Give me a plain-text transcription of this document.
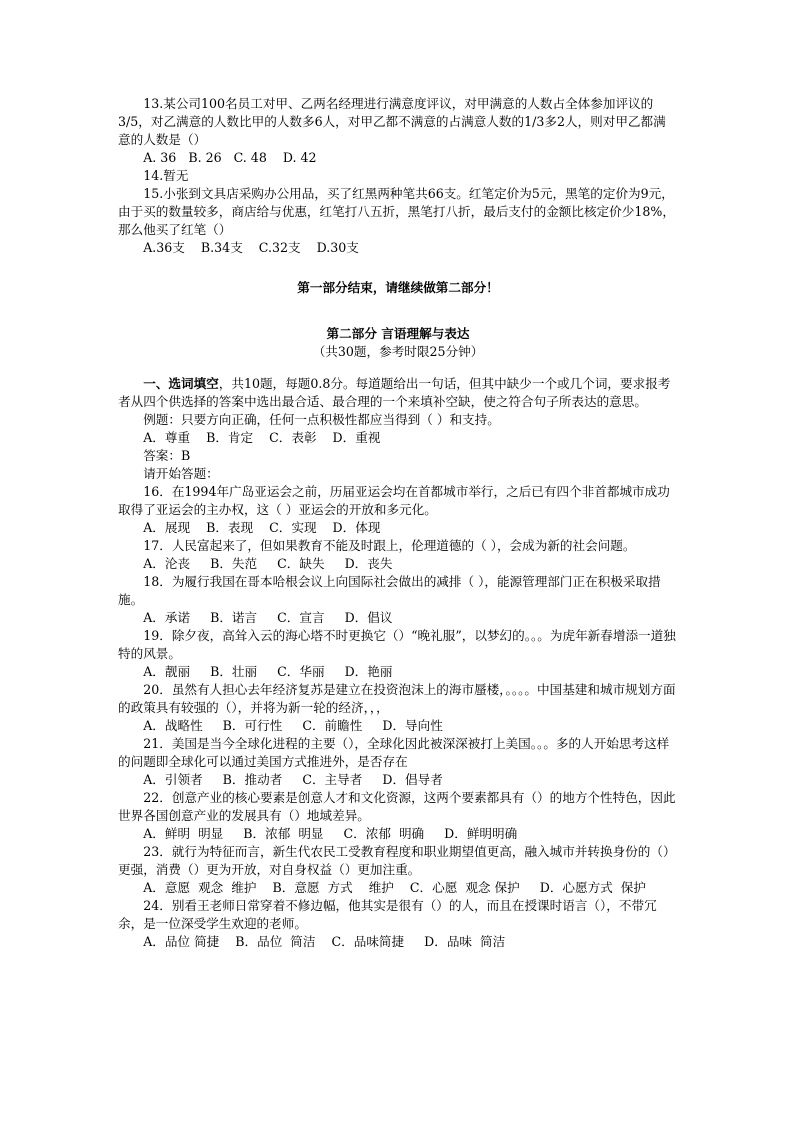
13.某公司100名员工对甲、乙两名经理进行满意度评议，对甲满意的人数占全体参加评议的3/5，对乙满意的人数比甲的人数多6人，对甲乙都不满意的占满意人数的1/3多2人，则对甲乙都满意的人数是（）

A. 36   B. 26   C. 48    D. 42

14.暂无

15.小张到文具店采购办公用品，买了红黑两种笔共66支。红笔定价为5元，黑笔的定价为9元，由于买的数量较多，商店给与优惠，红笔打八五折，黑笔打八折，最后支付的金额比核定价少18%，那么他买了红笔（）

A.36支    B.34支    C.32支    D.30支

第一部分结束，请继续做第二部分！

第二部分 言语理解与表达

（共30题，参考时限25分钟）

一、选词填空，共10题，每题0.8分。每道题给出一句话，但其中缺少一个或几个词，要求报考者从四个供选择的答案中选出最合适、最合理的一个来填补空缺，使之符合句子所表达的意思。

例题：只要方向正确，任何一点积极性都应当得到（ ）和支持。

A．尊重    B．肯定    C．表彰    D．重视

答案：B

请开始答题：

16．在1994年广岛亚运会之前，历届亚运会均在首都城市举行，之后已有四个非首都城市成功取得了亚运会的主办权，这（ ）亚运会的开放和多元化。

A．展现    B．表现    C．实现    D．体现

17．人民富起来了，但如果教育不能及时跟上，伦理道德的（ ），会成为新的社会问题。

A．沦丧     B．失范     C．缺失     D．丧失

18．为履行我国在哥本哈根会议上向国际社会做出的减排（ ），能源管理部门正在积极采取措施。

A．承诺     B．诺言     C．宣言     D．倡议

19．除夕夜，高耸入云的海心塔不时更换它（）“晚礼服”，以梦幻的。。。为虎年新春增添一道独特的风景。

A．靓丽     B．壮丽     C．华丽     D．艳丽

20．虽然有人担心去年经济复苏是建立在投资泡沫上的海市蜃楼，。。。。中国基建和城市规划方面的政策具有较强的（），并将为新一轮的经济，，，

A．战略性     B．可行性     C．前瞻性     D．导向性

21．美国是当今全球化进程的主要（），全球化因此被深深被打上美国。。。多的人开始思考这样的问题即全球化可以通过美国方式推进外，是否存在

A．引领者     B．推动者     C．主导者     D．倡导者

22．创意产业的核心要素是创意人才和文化资源，这两个要素都具有（）的地方个性特色，因此世界各国创意产业的发展具有（）地域差异。

A．鲜明  明显     B．浓郁  明显     C．浓郁  明确     D．鲜明明确

23．就行为特征而言，新生代农民工受教育程度和职业期望值更高，融入城市并转换身份的（）更强，消费（）更为开放，对自身权益（）更加注重。

A．意愿  观念  维护    B．意愿  方式    维护    C．心愿  观念 保护     D．心愿方式  保护

24．别看王老师日常穿着不修边幅，他其实是很有（）的人，而且在授课时语言（），不带冗余，是一位深受学生欢迎的老师。

A．品位 简捷    B．品位  简洁    C．品味简捷     D．品味  简洁
